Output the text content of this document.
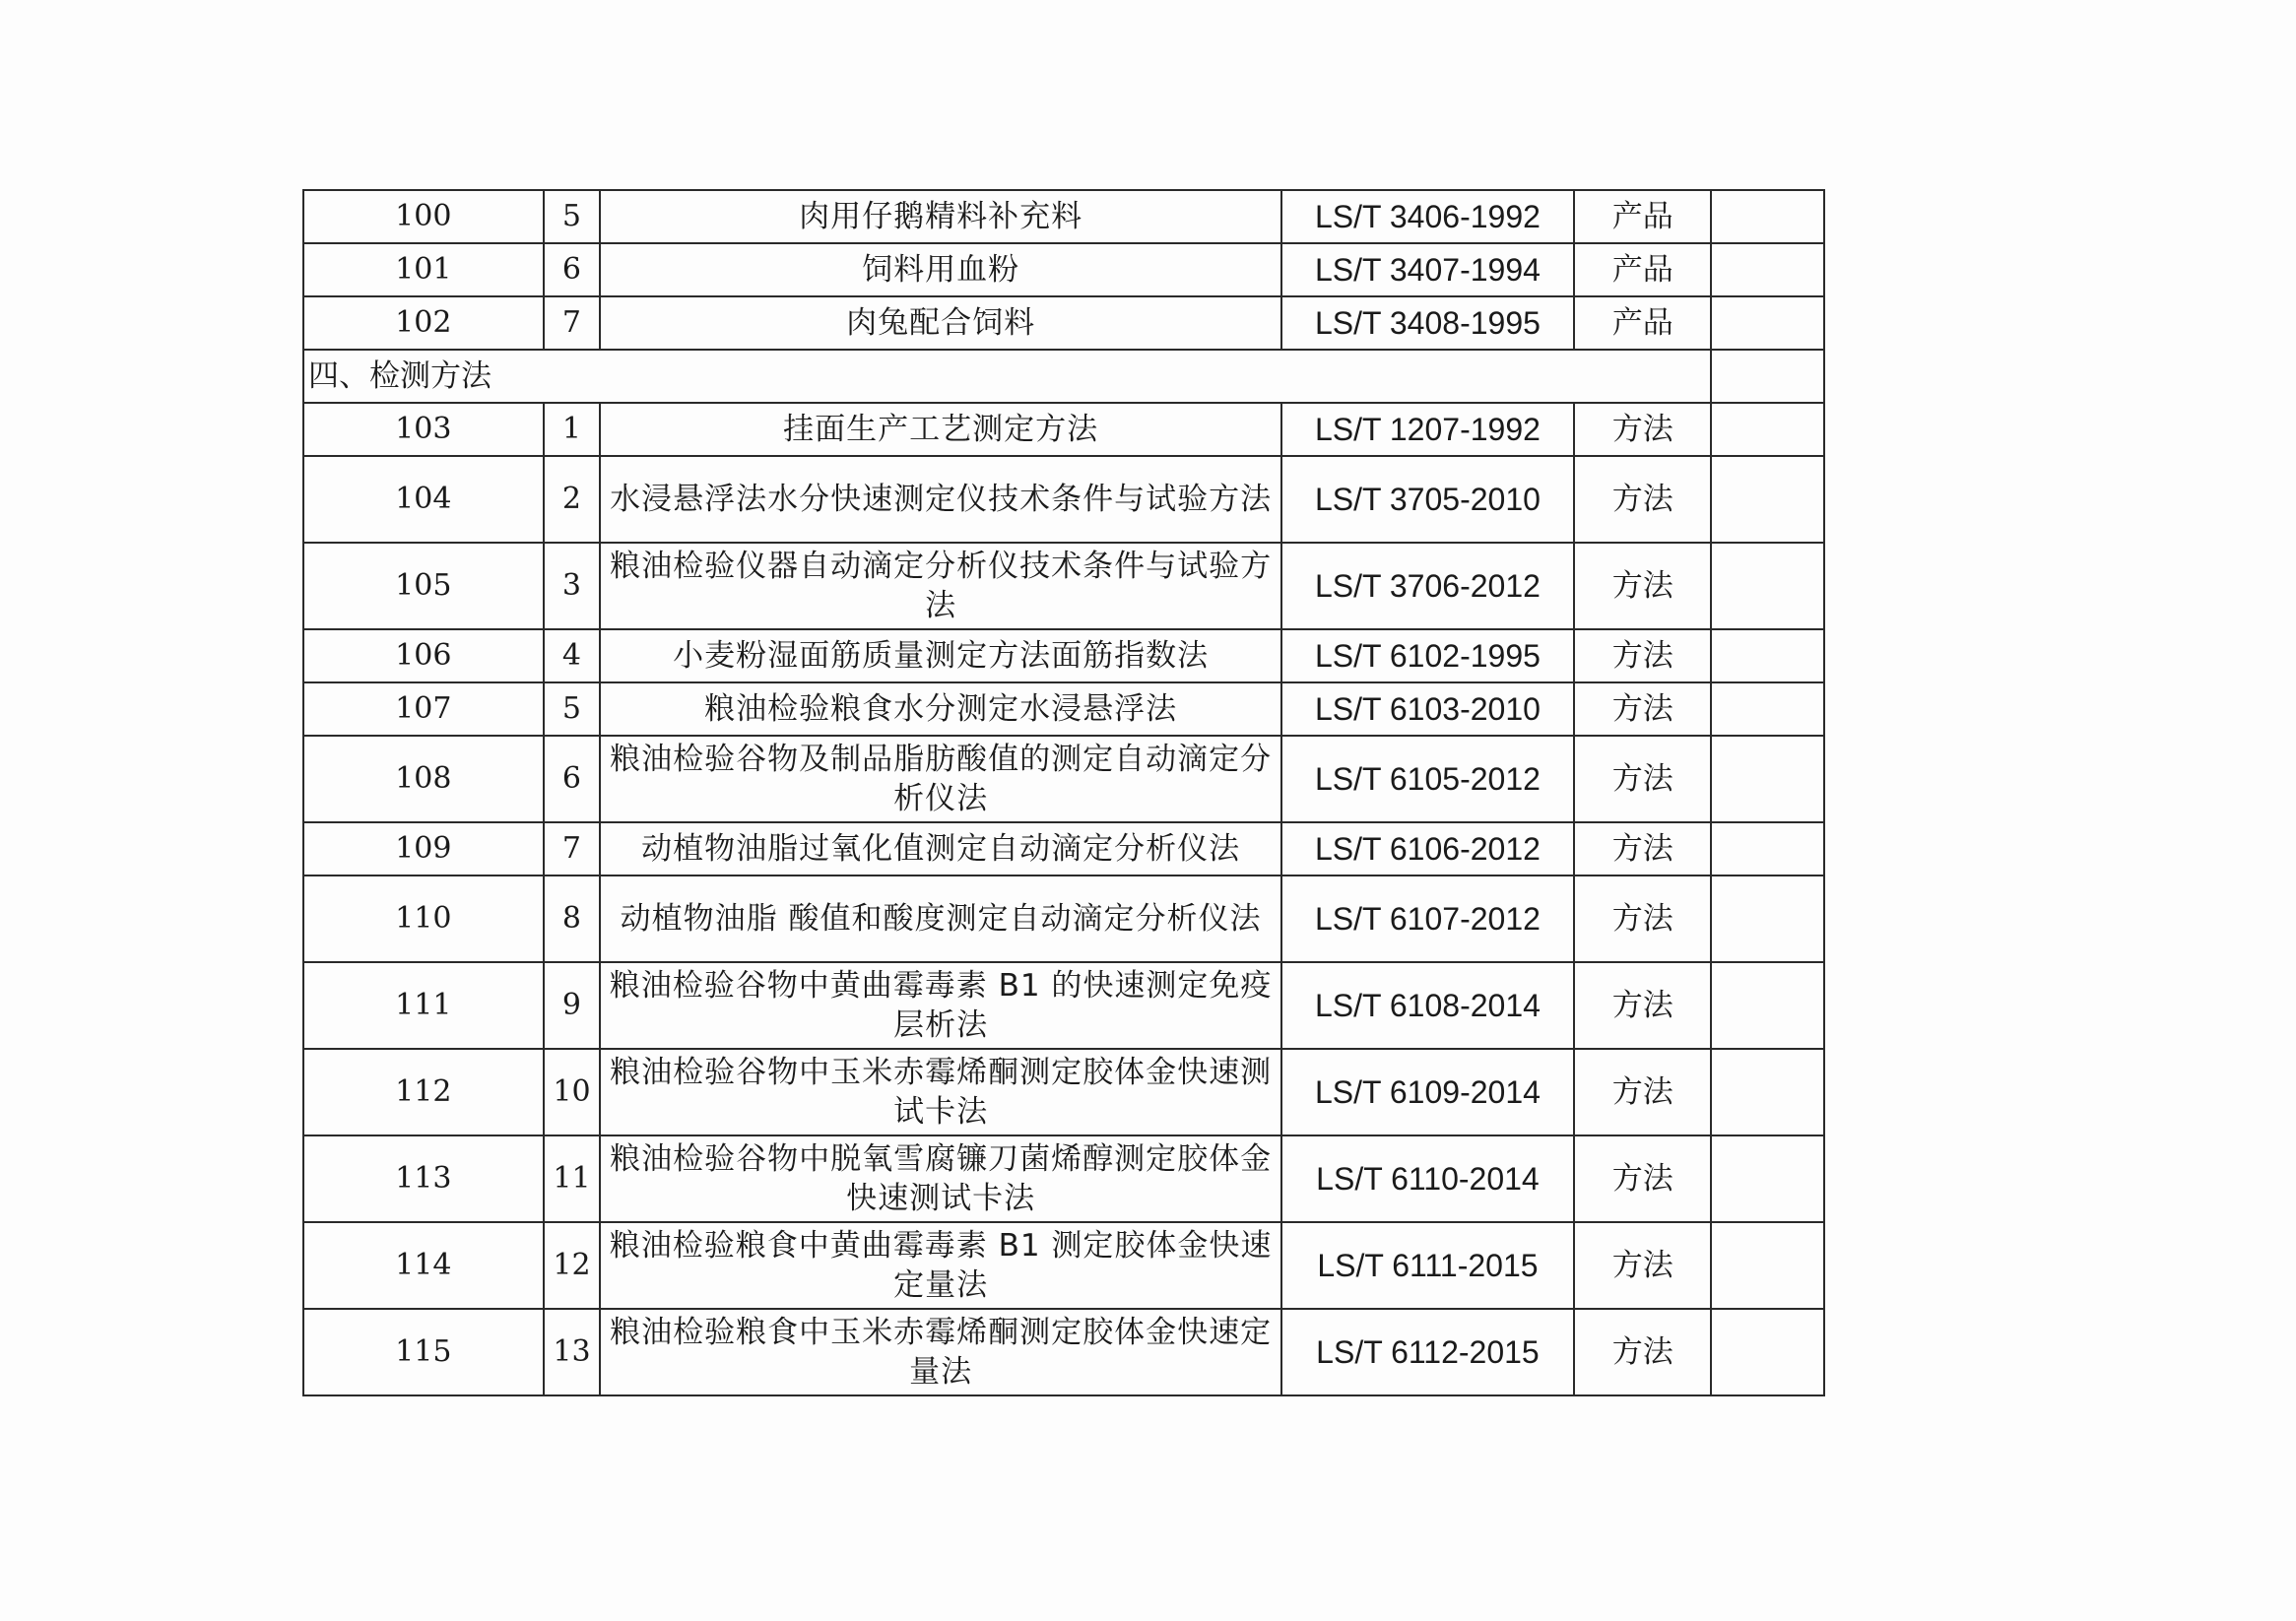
100	5	肉用仔鹅精料补充料	LS/T 3406-1992	产品	
101	6	饲料用血粉	LS/T 3407-1994	产品	
102	7	肉兔配合饲料	LS/T 3408-1995	产品	
四、检测方法					
103	1	挂面生产工艺测定方法	LS/T 1207-1992	方法	
104	2	水浸悬浮法水分快速测定仪技术条件与试验方法	LS/T 3705-2010	方法	
105	3	粮油检验仪器自动滴定分析仪技术条件与试验方法	LS/T 3706-2012	方法	
106	4	小麦粉湿面筋质量测定方法面筋指数法	LS/T 6102-1995	方法	
107	5	粮油检验粮食水分测定水浸悬浮法	LS/T 6103-2010	方法	
108	6	粮油检验谷物及制品脂肪酸值的测定自动滴定分析仪法	LS/T 6105-2012	方法	
109	7	动植物油脂过氧化值测定自动滴定分析仪法	LS/T 6106-2012	方法	
110	8	动植物油脂 酸值和酸度测定自动滴定分析仪法	LS/T 6107-2012	方法	
111	9	粮油检验谷物中黄曲霉毒素 B1 的快速测定免疫层析法	LS/T 6108-2014	方法	
112	10	粮油检验谷物中玉米赤霉烯酮测定胶体金快速测试卡法	LS/T 6109-2014	方法	
113	11	粮油检验谷物中脱氧雪腐镰刀菌烯醇测定胶体金快速测试卡法	LS/T 6110-2014	方法	
114	12	粮油检验粮食中黄曲霉毒素 B1 测定胶体金快速定量法	LS/T 6111-2015	方法	
115	13	粮油检验粮食中玉米赤霉烯酮测定胶体金快速定量法	LS/T 6112-2015	方法	
